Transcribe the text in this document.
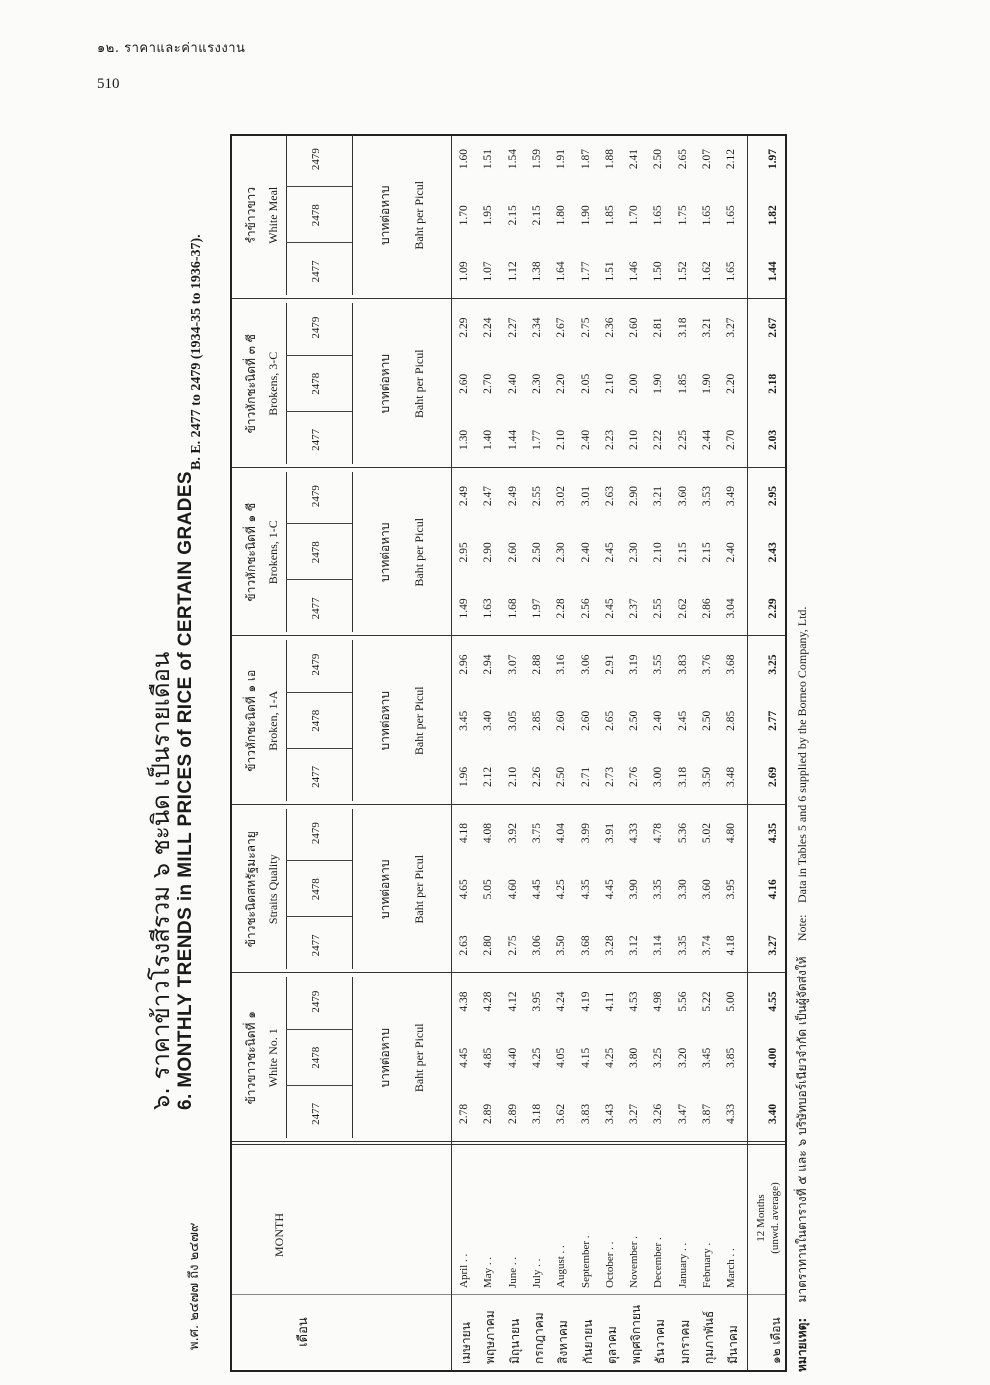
๑๒. ราคาและค่าแรงงาน
510
๖. ราคาข้าวโรงสีรวม ๖ ชะนิด เป็นรายเดือน 6. MONTHLY TRENDS in MILL PRICES of RICE of CERTAIN GRADES
พ.ศ. ๒๔๗๗ ถึง ๒๔๗๙
B. E. 2477 to 2479 (1934-35 to 1936-37).
เดือน
MONTH
ข้าวขาวชะนิดที่ ๑ White No. 1
2477
2478
2479
บาทต่อหาบ Baht per Picul
ข้าวชะนิดสหรัฐมะลายู Straits Quality
2477
2478
2479
บาทต่อหาบ Baht per Picul
ข้าวหักชะนิดที่ ๑ เอ Broken, 1-A
2477
2478
2479
บาทต่อหาบ Baht per Picul
ข้าวหักชะนิดที่ ๑ ซี Brokens, 1-C
2477
2478
2479
บาทต่อหาบ Baht per Picul
ข้าวหักชะนิดที่ ๓ ซี Brokens, 3-C
2477
2478
2479
บาทต่อหาบ Baht per Picul
รำข้าวขาว White Meal
2477
2478
2479
บาทต่อหาบ Baht per Picul
เมษายน
April . .
2.78
4.45
4.38
2.63
4.65
4.18
1.96
3.45
2.96
1.49
2.95
2.49
1.30
2.60
2.29
1.09
1.70
1.60
พฤษภาคม
May . .
2.89
4.85
4.28
2.80
5.05
4.08
2.12
3.40
2.94
1.63
2.90
2.47
1.40
2.70
2.24
1.07
1.95
1.51
มิถุนายน
June . .
2.89
4.40
4.12
2.75
4.60
3.92
2.10
3.05
3.07
1.68
2.60
2.49
1.44
2.40
2.27
1.12
2.15
1.54
กรกฎาคม
July . .
3.18
4.25
3.95
3.06
4.45
3.75
2.26
2.85
2.88
1.97
2.50
2.55
1.77
2.30
2.34
1.38
2.15
1.59
สิงหาคม
August . .
3.62
4.05
4.24
3.50
4.25
4.04
2.50
2.60
3.16
2.28
2.30
3.02
2.10
2.20
2.67
1.64
1.80
1.91
กันยายน
September .
3.83
4.15
4.19
3.68
4.35
3.99
2.71
2.60
3.06
2.56
2.40
3.01
2.40
2.05
2.75
1.77
1.90
1.87
ตุลาคม
October . .
3.43
4.25
4.11
3.28
4.45
3.91
2.73
2.65
2.91
2.45
2.45
2.63
2.23
2.10
2.36
1.51
1.85
1.88
พฤศจิกายน
November .
3.27
3.80
4.53
3.12
3.90
4.33
2.76
2.50
3.19
2.37
2.30
2.90
2.10
2.00
2.60
1.46
1.70
2.41
ธันวาคม
December .
3.26
3.25
4.98
3.14
3.35
4.78
3.00
2.40
3.55
2.55
2.10
3.21
2.22
1.90
2.81
1.50
1.65
2.50
มกราคม
January . .
3.47
3.20
5.56
3.35
3.30
5.36
3.18
2.45
3.83
2.62
2.15
3.60
2.25
1.85
3.18
1.52
1.75
2.65
กุมภาพันธ์
February .
3.87
3.45
5.22
3.74
3.60
5.02
3.50
2.50
3.76
2.86
2.15
3.53
2.44
1.90
3.21
1.62
1.65
2.07
มีนาคม
March . .
4.33
3.85
5.00
4.18
3.95
4.80
3.48
2.85
3.68
3.04
2.40
3.49
2.70
2.20
3.27
1.65
1.65
2.12
๑๒ เดือน
12 Months (unwd. average)
3.40
4.00
4.55
3.27
4.16
4.35
2.69
2.77
3.25
2.29
2.43
2.95
2.03
2.18
2.67
1.44
1.82
1.97
หมายเหตุ:    มาตราทานในตารางที่ ๕ และ ๖ บริษัทบอร์เนียวจำกัด เป็นผู้จัดส่งให้    Note:   Data in Tables 5 and 6 supplied by the Borneo Company, Ltd.
